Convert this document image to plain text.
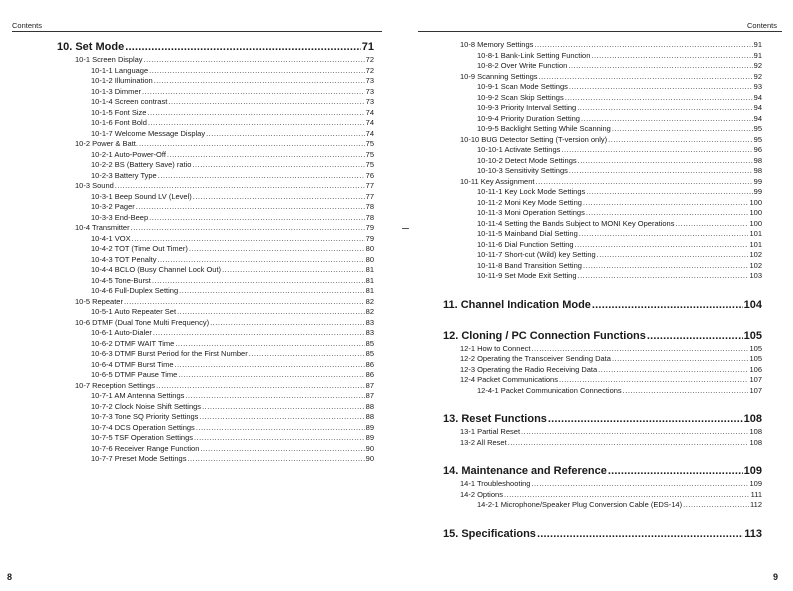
Contents	Contents
10. Set Mode .....	71
10-1 Screen Display .....	72
10-1-1 Language .....	72
10-1-2 Illumination .....	73
10-1-3 Dimmer .....	73
10-1-4 Screen contrast .....	73
10-1-5 Font Size .....	74
10-1-6 Font Bold .....	74
10-1-7 Welcome Message Display .....	74
10-2 Power & Batt. .....	75
10-2-1 Auto-Power-Off .....	75
10-2-2 BS (Battery Save) ratio .....	75
10-2-3 Battery Type .....	76
10-3 Sound .....	77
10-3-1 Beep Sound LV (Level) .....	77
10-3-2 Pager .....	78
10-3-3 End-Beep .....	78
10-4 Transmitter .....	79
10-4-1 VOX .....	79
10-4-2 TOT (Time Out Timer) .....	80
10-4-3 TOT Penalty .....	80
10-4-4 BCLO (Busy Channel Lock Out) .....	81
10-4-5 Tone-Burst .....	81
10-4-6 Full-Duplex Setting .....	81
10-5 Repeater .....	82
10-5-1 Auto Repeater Set .....	82
10-6 DTMF (Dual Tone Multi Frequency) .....	83
10-6-1 Auto-Dialer .....	83
10-6-2 DTMF WAIT Time .....	85
10-6-3 DTMF Burst Period for the First Number .....	85
10-6-4 DTMF Burst Time .....	86
10-6-5 DTMF Pause Time .....	86
10-7 Reception Settings .....	87
10-7-1 AM Antenna Settings .....	87
10-7-2 Clock Noise Shift Settings .....	88
10-7-3 Tone SQ Priority Settings .....	88
10-7-4 DCS Operation Settings .....	89
10-7-5 TSF Operation Settings .....	89
10-7-6 Receiver Range Function .....	90
10-7-7 Preset Mode Settings .....	90
10-8 Memory Settings .....	91
10-8-1 Bank-Link Setting Function .....	91
10-8-2 Over Write Function .....	92
10-9 Scanning Settings .....	92
10-9-1 Scan Mode Settings .....	93
10-9-2 Scan Skip Settings .....	94
10-9-3 Priority Interval Setting .....	94
10-9-4 Priority Duration Setting .....	94
10-9-5 Backlight Setting While Scanning .....	95
10-10 BUG Detector Setting (T-version only) .....	95
10-10-1 Activate Settings .....	96
10-10-2 Detect Mode Settings .....	98
10-10-3 Sensitivity Settings .....	98
10-11 Key Assignment .....	99
10-11-1 Key Lock Mode Settings .....	99
10-11-2 Moni Key Mode Setting .....	100
10-11-3 Moni Operation Settings .....	100
10-11-4 Setting the Bands Subject to MONI Key Operations .....	100
10-11-5 Mainband Dial Setting .....	101
10-11-6 Dial Function Setting .....	101
10-11-7 Short-cut (Wild) key Setting .....	102
10-11-8 Band Transition Setting .....	102
10-11-9 Set Mode Exit Setting .....	103
11. Channel Indication Mode .....	104
12. Cloning / PC Connection Functions .....	105
12-1 How to Connect .....	105
12-2 Operating the Transceiver Sending Data .....	105
12-3 Operating the Radio Receiving Data .....	106
12-4 Packet Communications .....	107
12-4-1 Packet Communication Connections .....	107
13. Reset Functions .....	108
13-1 Partial Reset .....	108
13-2 All Reset .....	108
14. Maintenance and Reference .....	109
14-1 Troubleshooting .....	109
14-2 Options .....	111
14-2-1 Microphone/Speaker Plug Conversion Cable (EDS-14) .....	112
15. Specifications .....	113
8	9
